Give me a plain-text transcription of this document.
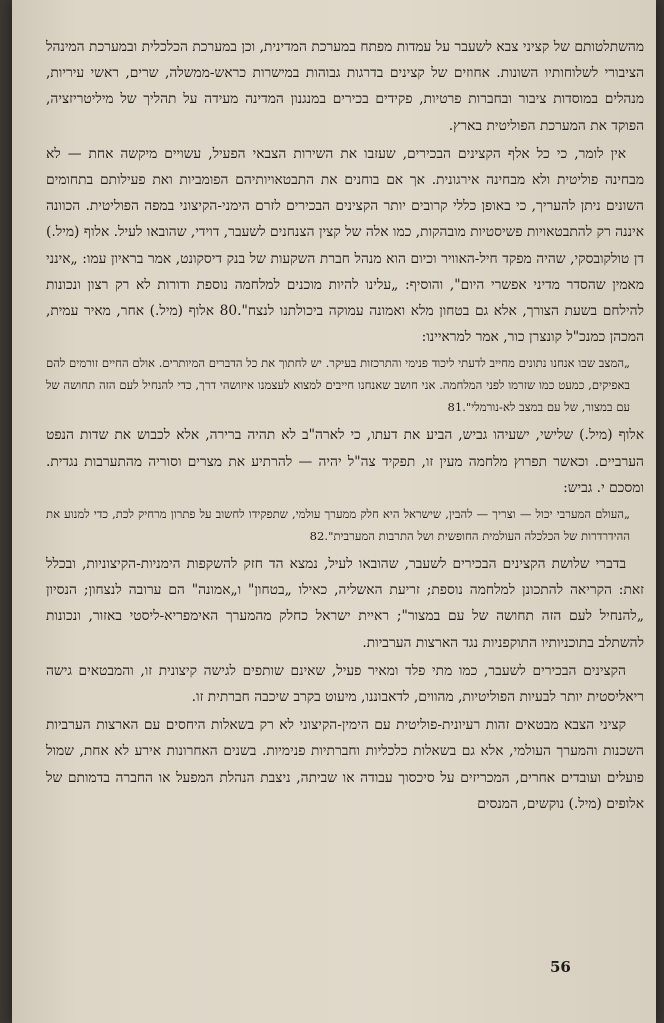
מהשתלטותם של קציני צבא לשעבר על עמדות מפתח במערכת המדינית, וכן במערכת הכלכלית ובמערכת המינהל הציבורי לשלוחותיו השונות. אחוזים של קצינים בדרגות גבוהות במישרות כראש-ממשלה, שרים, ראשי עיריות, מנהלים במוסדות ציבור ובחברות פרטיות, פקידים בכירים במנגנון המדינה מעידה על תהליך של מיליטריזציה, הפוקד את המערכת הפוליטית בארץ.

אין לומר, כי כל אלף הקצינים הבכירים, שעזבו את השירות הצבאי הפעיל, עשויים מיקשה אחת — לא מבחינה פוליטית ולא מבחינה אירגונית. אך אם בוחנים את התבטאויותיהם הפומביות ואת פעילותם בתחומים השונים ניתן להעריך, כי באופן כללי קרובים יותר הקצינים הבכירים לזרם הימני-הקיצוני במפה הפוליטית. הכוונה איננה רק להתבטאויות פשיסטיות מובהקות, כמו אלה של קצין הצנחנים לשעבר, דוידי, שהובאו לעיל. אלוף (מיל.) דן טולקובסקי, שהיה מפקד חיל-האוויר וכיום הוא מנהל חברת השקעות של בנק דיסקונט, אמר בראיון עמו: „אינני מאמין שהסדר מדיני אפשרי היום", והוסיף: „עלינו להיות מוכנים למלחמה נוספת ודורות לא רק רצון ונכונות להילחם בשעת הצורך, אלא גם בטחון מלא ואמונה עמוקה ביכולתנו לנצח".80 אלוף (מיל.) אחר, מאיר עמית, המכהן כמנכ"ל קונצרן כור, אמר למראיינו:

„המצב שבו אנחנו נתונים מחייב לדעתי ליכוד פנימי והתרכזות בעיקר. יש לחתוך את כל הדברים המיותרים. אולם החיים זורמים להם באפיקים, כמעט כמו שזרמו לפני המלחמה. אני חושב שאנחנו חייבים למצוא לעצמנו איזושהי דרך, כדי להנחיל לעם הזה תחושה של עם במצור, של עם במצב לא-נורמלי".81

אלוף (מיל.) שלישי, ישעיהו גביש, הביע את דעתו, כי לארה"ב לא תהיה ברירה, אלא לכבוש את שדות הנפט הערביים. וכאשר תפרוץ מלחמה מעין זו, תפקיד צה"ל יהיה — להרתיע את מצרים וסוריה מהתערבות נגדית. ומסכם י. גביש:

„העולם המערבי יכול — וצריך — להבין, שישראל היא חלק ממערך עולמי, שתפקידו לחשוב על פתרון מרחיק לכת, כדי למנוע את ההידרדרות של הכלכלה העולמית החופשית ושל התרבות המערבית".82

בדברי שלושת הקצינים הבכירים לשעבר, שהובאו לעיל, נמצא הד חזק להשקפות הימניות-הקיצוניות, ובכלל זאת: הקריאה להתכונן למלחמה נוספת; זריעת האשליה, כאילו „בטחון" ו„אמונה" הם ערובה לנצחון; הנסיון „להנחיל לעם הזה תחושה של עם במצור"; ראיית ישראל כחלק מהמערך האימפריא-ליסטי באזור, ונכונות להשתלב בתוכניותיו התוקפניות נגד הארצות הערביות.

הקצינים הבכירים לשעבר, כמו מתי פלד ומאיר פעיל, שאינם שותפים לגישה קיצונית זו, והמבטאים גישה ריאליסטית יותר לבעיות הפוליטיות, מהווים, לדאבוננו, מיעוט בקרב שיכבה חברתית זו.

קציני הצבא מבטאים זהות רעיונית-פוליטית עם הימין-הקיצוני לא רק בשאלות היחסים עם הארצות הערביות השכנות והמערך העולמי, אלא גם בשאלות כלכליות וחברתיות פנימיות. בשנים האחרונות אירע לא אחת, שמול פועלים ועובדים אחרים, המכריזים על סיכסוך עבודה או שביתה, ניצבת הנהלת המפעל או החברה בדמותם של אלופים (מיל.) נוקשים, המנסים

56
